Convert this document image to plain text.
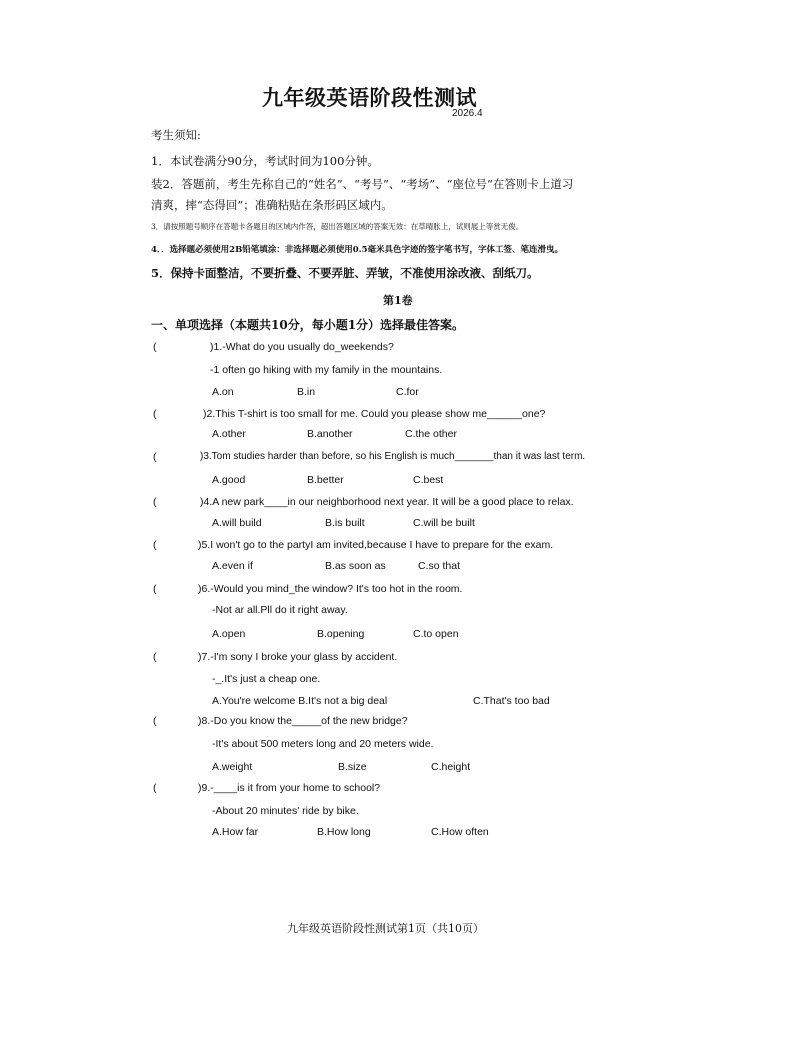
九年级英语阶段性测试
2026.4
考生须知:
1．本试卷满分90分，考试时间为100分钟。
装2．答题前，考生先称自己的“姓名”、“考号”、“考场”、“座位号”在答则卡上道习
清爽，摔“态得回”；准确粘贴在条形码区域内。
3．请按照题号顺序在答题卡各题目的区域内作答，超出答题区域的答案无效：在草晴胀上，试则展上等赏无俊。
4．．选择题必须使用2B铅笔填涂：非选择题必须使用0.5毫米具色字迹的签字笔书写，字体工签、笔连滑曳。
5．保持卡面整洁，不要折叠、不要弄脏、弄皱，不准使用涂改液、刮纸刀。
第1卷
一、单项选择（本题共10分，每小题1分）选择最佳答案。
(	)1.-What do you usually do_weekends?
-1 often go hiking with my family in the mountains.
A.on	B.in	C.for
(	)2.This T-shirt is too small for me. Could you please show me______one?
A.other	B.another	C.the other
(	)3.Tom studies harder than before, so his English is much_______than it was last term.
A.good	B.better	C.best
(	)4.A new park____in our neighborhood next year. It will be a good place to relax.
A.will build	B.is built	C.will be built
(	)5.I won't go to the partyI am invited,because I have to prepare for the exam.
A.even if	B.as soon as	C.so that
(	)6.-Would you mind_the window? It's too hot in the room.
-Not ar all.Pll do it right away.
A.open	B.opening	C.to open
(	)7.-I'm sony I broke your glass by accident.
-_.It's just a cheap one.
A.You're welcome B.It's not a big deal	C.That's too bad
(	)8.-Do you know the_____of the new bridge?
-It's about 500 meters long and 20 meters wide.
A.weight	B.size	C.height
(	)9.-____is it from your home to school?
-About 20 minutes' ride by bike.
A.How far	B.How long	C.How often
九年级英语阶段性测试第1页（共10页）
